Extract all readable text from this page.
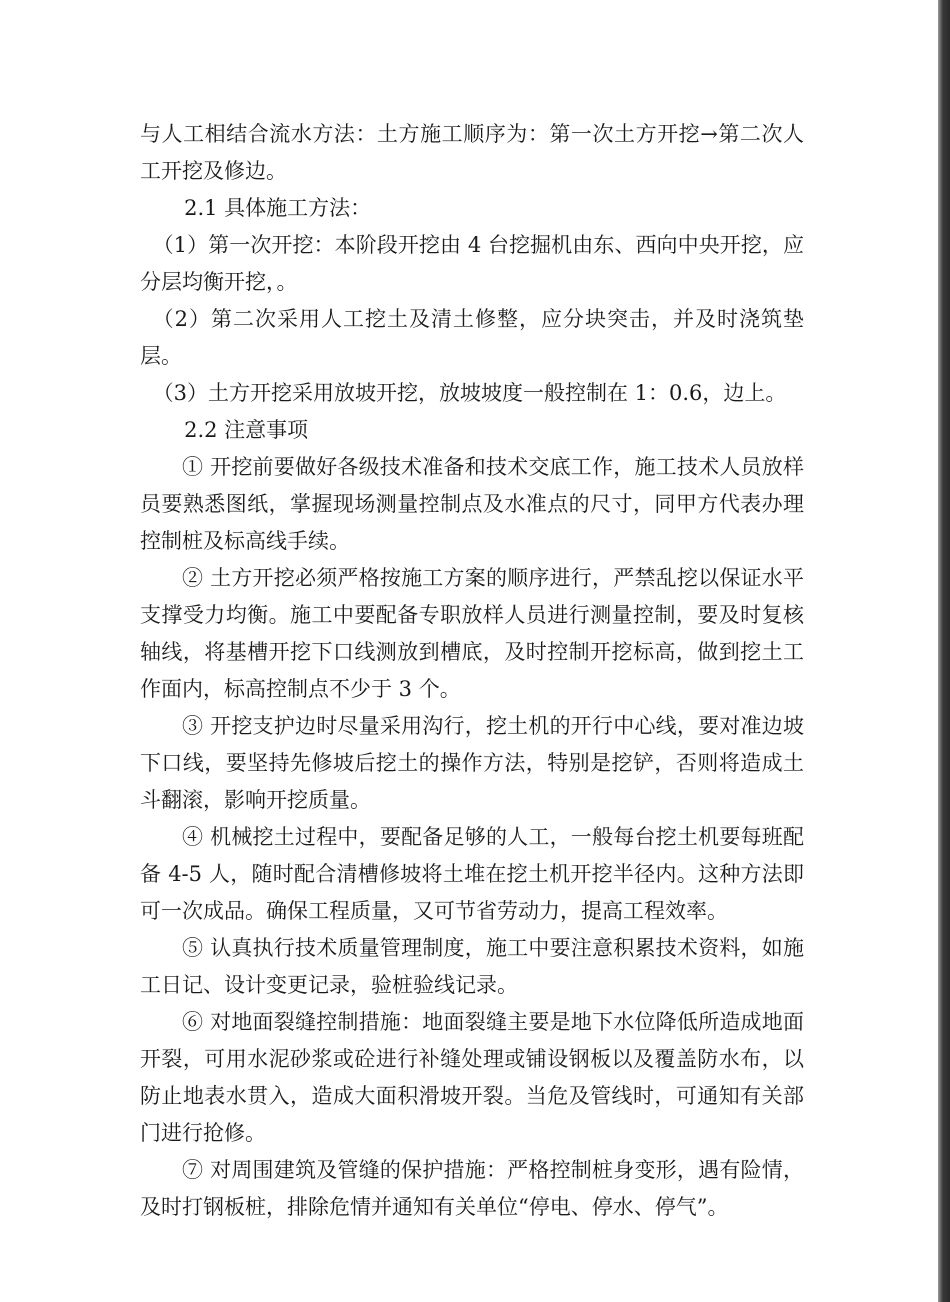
与人工相结合流水方法：土方施工顺序为：第一次土方开挖→第二次人工开挖及修边。

2.1 具体施工方法：

（1）第一次开挖：本阶段开挖由 4 台挖掘机由东、西向中央开挖，应分层均衡开挖，。

（2）第二次采用人工挖土及清土修整，应分块突击，并及时浇筑垫层。

（3）土方开挖采用放坡开挖，放坡坡度一般控制在 1：0.6，边上。

2.2 注意事项

① 开挖前要做好各级技术准备和技术交底工作，施工技术人员放样员要熟悉图纸，掌握现场测量控制点及水准点的尺寸，同甲方代表办理控制桩及标高线手续。

② 土方开挖必须严格按施工方案的顺序进行，严禁乱挖以保证水平支撑受力均衡。施工中要配备专职放样人员进行测量控制，要及时复核轴线，将基槽开挖下口线测放到槽底，及时控制开挖标高，做到挖土工作面内，标高控制点不少于 3 个。

③ 开挖支护边时尽量采用沟行，挖土机的开行中心线，要对准边坡下口线，要坚持先修坡后挖土的操作方法，特别是挖铲，否则将造成土斗翻滚，影响开挖质量。

④ 机械挖土过程中，要配备足够的人工，一般每台挖土机要每班配备 4-5 人，随时配合清槽修坡将土堆在挖土机开挖半径内。这种方法即可一次成品。确保工程质量，又可节省劳动力，提高工程效率。

⑤ 认真执行技术质量管理制度，施工中要注意积累技术资料，如施工日记、设计变更记录，验桩验线记录。

⑥ 对地面裂缝控制措施：地面裂缝主要是地下水位降低所造成地面开裂，可用水泥砂浆或砼进行补缝处理或铺设钢板以及覆盖防水布，以防止地表水贯入，造成大面积滑坡开裂。当危及管线时，可通知有关部门进行抢修。

⑦ 对周围建筑及管缝的保护措施：严格控制桩身变形，遇有险情，及时打钢板桩，排除危情并通知有关单位“停电、停水、停气”。
